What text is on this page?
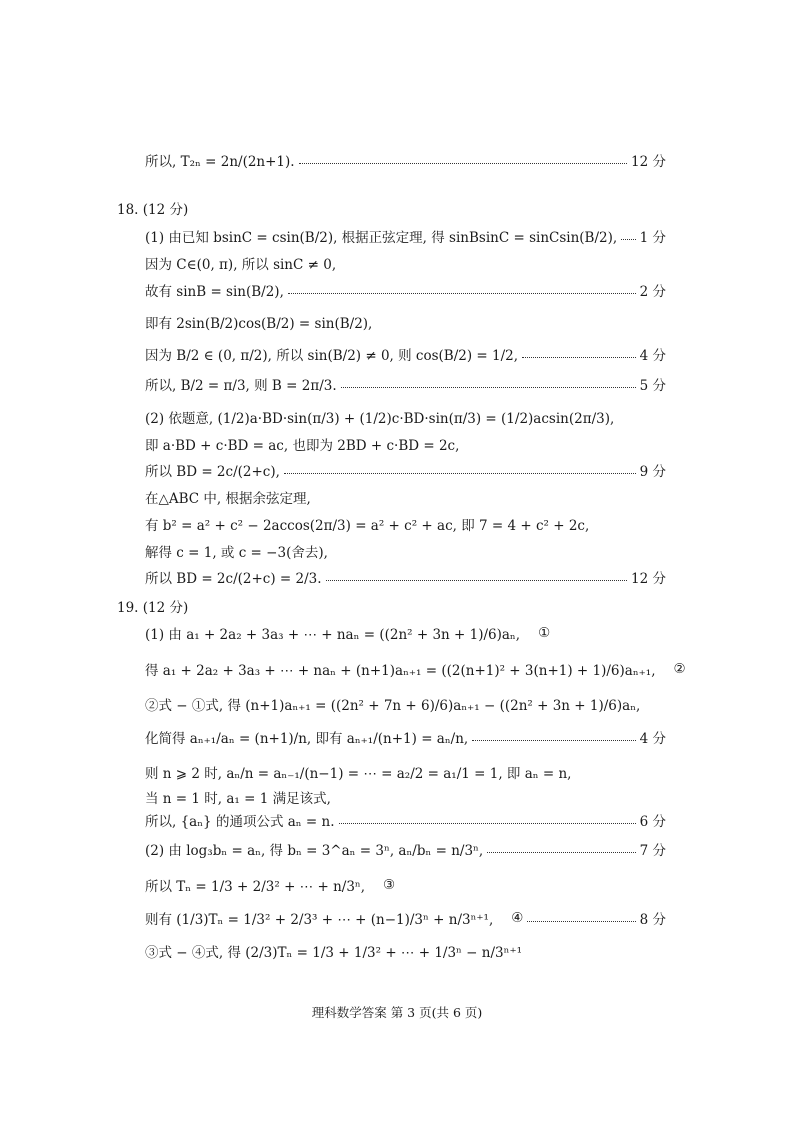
所以, T₂ₙ = 2n/(2n+1).	12 分
18. (12 分)
(1) 由已知 bsinC = csin(B/2), 根据正弦定理, 得 sinBsinC = sinCsin(B/2), 1 分
因为 C∈(0, π), 所以 sinC ≠ 0,
故有 sinB = sin(B/2),	2 分
即有 2sin(B/2)cos(B/2) = sin(B/2),
因为 B/2 ∈ (0, π/2), 所以 sin(B/2) ≠ 0, 则 cos(B/2) = 1/2,	4 分
所以, B/2 = π/3, 则 B = 2π/3.	5 分
(2) 依题意, (1/2)a·BD·sin(π/3) + (1/2)c·BD·sin(π/3) = (1/2)acsin(2π/3),
即 a·BD + c·BD = ac, 也即为 2BD + c·BD = 2c,
所以 BD = 2c/(2+c),	9 分
在△ABC 中, 根据余弦定理,
有 b² = a² + c² − 2accos(2π/3) = a² + c² + ac, 即 7 = 4 + c² + 2c,
解得 c = 1, 或 c = −3(舍去),
所以 BD = 2c/(2+c) = 2/3.	12 分
19. (12 分)
(1) 由 a₁ + 2a₂ + 3a₃ + ⋯ + naₙ = ((2n² + 3n + 1)/6)aₙ, ①
得 a₁ + 2a₂ + 3a₃ + ⋯ + naₙ + (n+1)aₙ₊₁ = ((2(n+1)² + 3(n+1) + 1)/6)aₙ₊₁, ②
②式 − ①式, 得 (n+1)aₙ₊₁ = ((2n² + 7n + 6)/6)aₙ₊₁ − ((2n² + 3n + 1)/6)aₙ,
化简得 aₙ₊₁/aₙ = (n+1)/n, 即有 aₙ₊₁/(n+1) = aₙ/n,	4 分
则 n ⩾ 2 时, aₙ/n = aₙ₋₁/(n−1) = ⋯ = a₂/2 = a₁/1 = 1, 即 aₙ = n,
当 n = 1 时, a₁ = 1 满足该式,
所以, {aₙ} 的通项公式 aₙ = n.	6 分
(2) 由 log₃bₙ = aₙ, 得 bₙ = 3^aₙ = 3ⁿ, aₙ/bₙ = n/3ⁿ,	7 分
所以 Tₙ = 1/3 + 2/3² + ⋯ + n/3ⁿ, ③
则有 (1/3)Tₙ = 1/3² + 2/3³ + ⋯ + (n−1)/3ⁿ + n/3ⁿ⁺¹, ④	8 分
③式 − ④式, 得 (2/3)Tₙ = 1/3 + 1/3² + ⋯ + 1/3ⁿ − n/3ⁿ⁺¹
理科数学答案 第 3 页(共 6 页)
